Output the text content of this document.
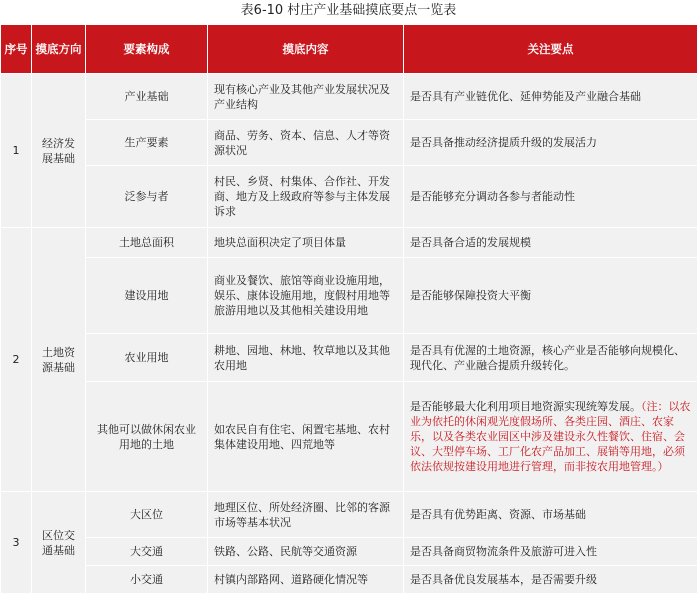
表6-10 村庄产业基础摸底要点一览表
序号	摸底方向	要素构成	摸底内容	关注要点
1	经济发展基础	产业基础	现有核心产业及其他产业发展状况及产业结构	是否具有产业链优化、延伸势能及产业融合基础
		生产要素	商品、劳务、资本、信息、人才等资源状况	是否具备推动经济提质升级的发展活力
		泛参与者	村民、乡贤、村集体、合作社、开发商、地方及上级政府等参与主体发展诉求	是否能够充分调动各参与者能动性
2	土地资源基础	土地总面积	地块总面积决定了项目体量	是否具备合适的发展规模
		建设用地	商业及餐饮、旅馆等商业设施用地，娱乐、康体设施用地，度假村用地等旅游用地以及其他相关建设用地	是否能够保障投资大平衡
		农业用地	耕地、园地、林地、牧草地以及其他农用地	是否具有优渥的土地资源，核心产业是否能够向规模化、现代化、产业融合提质升级转化。
		其他可以做休闲农业用地的土地	如农民自有住宅、闲置宅基地、农村集体建设用地、四荒地等	是否能够最大化利用项目地资源实现统筹发展。（注：以农业为依托的休闲观光度假场所、各类庄园、酒庄、农家乐，以及各类农业园区中涉及建设永久性餐饮、住宿、会议、大型停车场、工厂化农产品加工、展销等用地，必须依法依规按建设用地进行管理，而非按农用地管理。）
3	区位交通基础	大区位	地理区位、所处经济圈、比邻的客源市场等基本状况	是否具有优势距离、资源、市场基础
		大交通	铁路、公路、民航等交通资源	是否具备商贸物流条件及旅游可进入性
		小交通	村镇内部路网、道路硬化情况等	是否具备优良发展基本，是否需要升级
